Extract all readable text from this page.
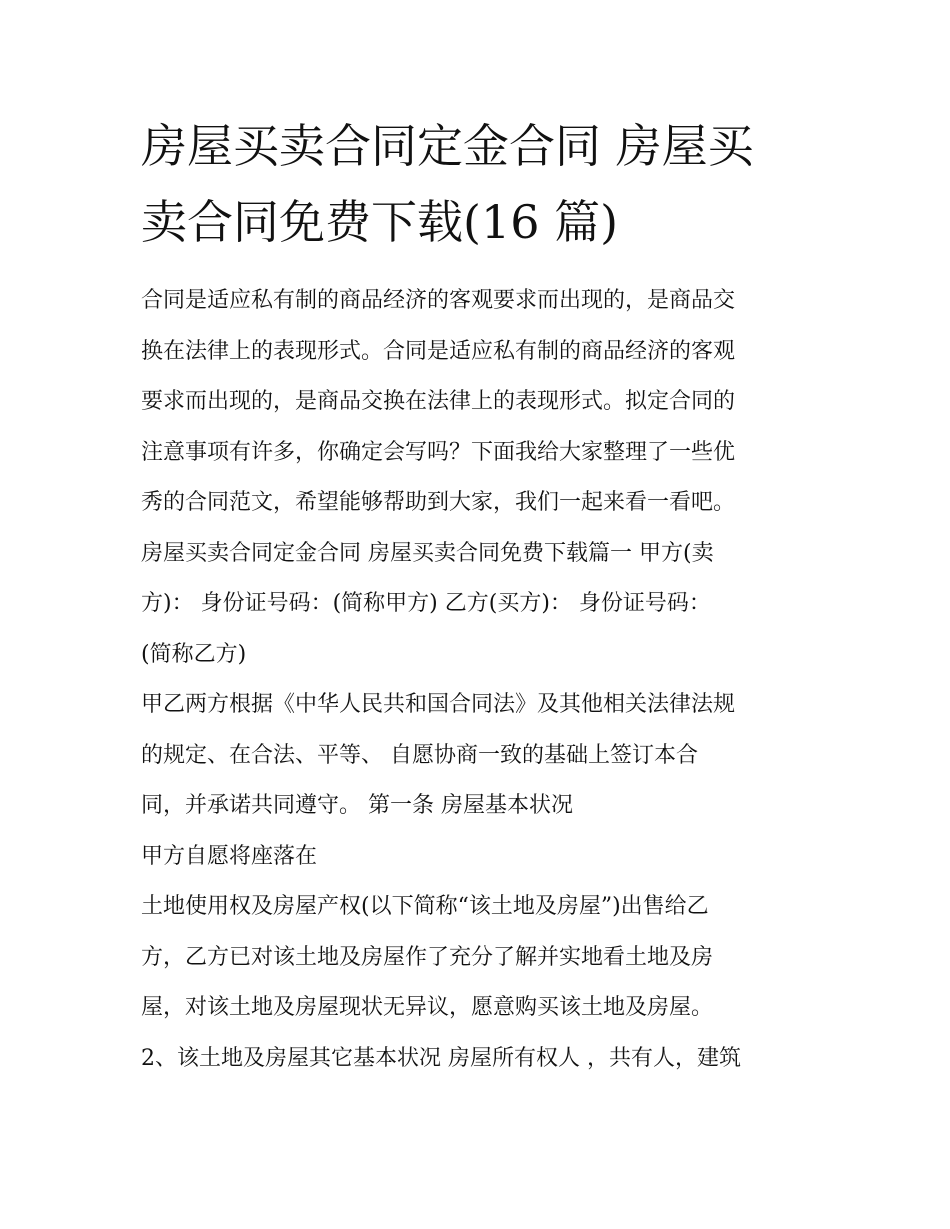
房屋买卖合同定金合同 房屋买
卖合同免费下载(16 篇)

合同是适应私有制的商品经济的客观要求而出现的，是商品交

换在法律上的表现形式。合同是适应私有制的商品经济的客观

要求而出现的，是商品交换在法律上的表现形式。拟定合同的

注意事项有许多，你确定会写吗？下面我给大家整理了一些优

秀的合同范文，希望能够帮助到大家，我们一起来看一看吧。

房屋买卖合同定金合同 房屋买卖合同免费下载篇一 甲方(卖

方)： 身份证号码：(简称甲方) 乙方(买方)： 身份证号码：

(简称乙方)

甲乙两方根据《中华人民共和国合同法》及其他相关法律法规

的规定、在合法、平等、 自愿协商一致的基础上签订本合

同，并承诺共同遵守。 第一条 房屋基本状况

甲方自愿将座落在

土地使用权及房屋产权(以下简称“该土地及房屋”)出售给乙

方，乙方已对该土地及房屋作了充分了解并实地看土地及房

屋，对该土地及房屋现状无异议，愿意购买该土地及房屋。

2、该土地及房屋其它基本状况 房屋所有权人 ，共有人，建筑
